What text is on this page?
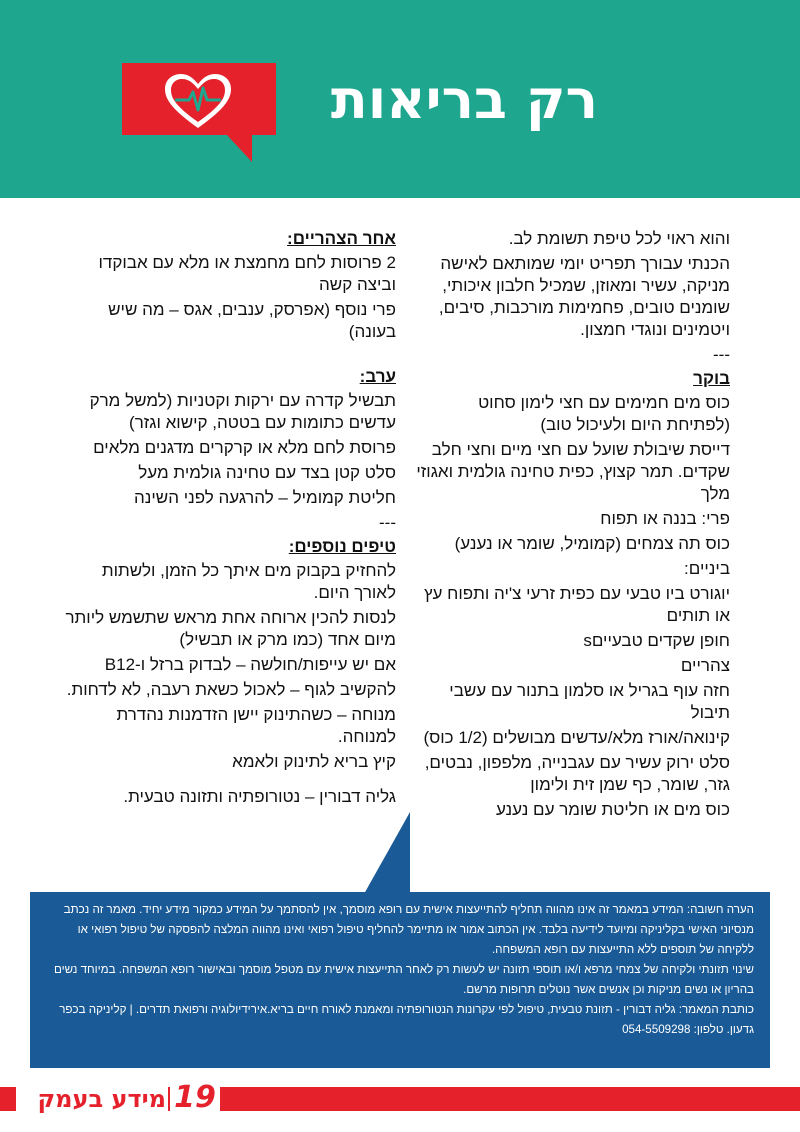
רק בריאות

והוא ראוי לכל טיפת תשומת לב.

הכנתי עבורך תפריט יומי שמותאם לאישה מניקה, עשיר ומאוזן, שמכיל חלבון איכותי, שומנים טובים, פחמימות מורכבות, סיבים, ויטמינים ונוגדי חמצון.

---

בוקר

כוס מים חמימים עם חצי לימון סחוט (לפתיחת היום ולעיכול טוב)

דייסת שיבולת שועל עם חצי מיים וחצי חלב שקדים. תמר קצוץ, כפית טחינה גולמית ואגוזי מלך

פרי: בננה או תפוח

כוס תה צמחים (קמומיל, שומר או נענע)

ביניים:

יוגורט ביו טבעי עם כפית זרעי צ'יה ותפוח עץ או תותים

חופן שקדים טבעייםs

צהריים

חזה עוף בגריל או סלמון בתנור עם עשבי תיבול

קינואה/אורז מלא/עדשים מבושלים (1/2 כוס)

סלט ירוק עשיר עם עגבנייה, מלפפון, נבטים, גזר, שומר, כף שמן זית ולימון

כוס מים או חליטת שומר עם נענע

אחר הצהריים:

2 פרוסות לחם מחמצת או מלא עם אבוקדו וביצה קשה

פרי נוסף (אפרסק, ענבים, אגס – מה שיש בעונה)

ערב:

תבשיל קדרה עם ירקות וקטניות (למשל מרק עדשים כתומות עם בטטה, קישוא וגזר)

פרוסת לחם מלא או קרקרים מדגנים מלאים

סלט קטן בצד עם טחינה גולמית מעל

חליטת קמומיל – להרגעה לפני השינה

---

טיפים נוספים:

להחזיק בקבוק מים איתך כל הזמן, ולשתות לאורך היום.

לנסות להכין ארוחה אחת מראש שתשמש ליותר מיום אחד (כמו מרק או תבשיל)

אם יש עייפות/חולשה – לבדוק ברזל ו-B12

להקשיב לגוף – לאכול כשאת רעבה, לא לדחות.

מנוחה – כשהתינוק יישן הזדמנות נהדרת למנוחה.

קיץ בריא לתינוק ולאמא

גליה דבורין – נטורופתיה ותזונה טבעית.

הערה חשובה: המידע במאמר זה אינו מהווה תחליף להתייעצות אישית עם רופא מוסמך, אין להסתמך על המידע כמקור מידע יחיד. מאמר זה נכתב מנסיוני האישי בקליניקה ומיועד לידיעה בלבד. אין הכתוב אמור או מתיימר להחליף טיפול רפואי ואינו מהווה המלצה להפסקה של טיפול רפואי או ללקיחה של תוספים ללא התייעצות עם רופא המשפחה.

שינוי תזונתי ולקיחה של צמחי מרפא ו/או תוספי תזונה יש לעשות רק לאחר התייעצות אישית עם מטפל מוסמך ובאישור רופא המשפחה. במיוחד נשים בהריון או נשים מניקות וכן אנשים אשר נוטלים תרופות מרשם.

כותבת המאמר: גליה דבורין - תזונת טבעית, טיפול לפי עקרונות הנטורופתיה ומאמנת לאורח חיים בריא.אירידיולוגיה ורפואת תדרים. | קליניקה בכפר גדעון. טלפון: 054-5509298

19
מידע בעמק
